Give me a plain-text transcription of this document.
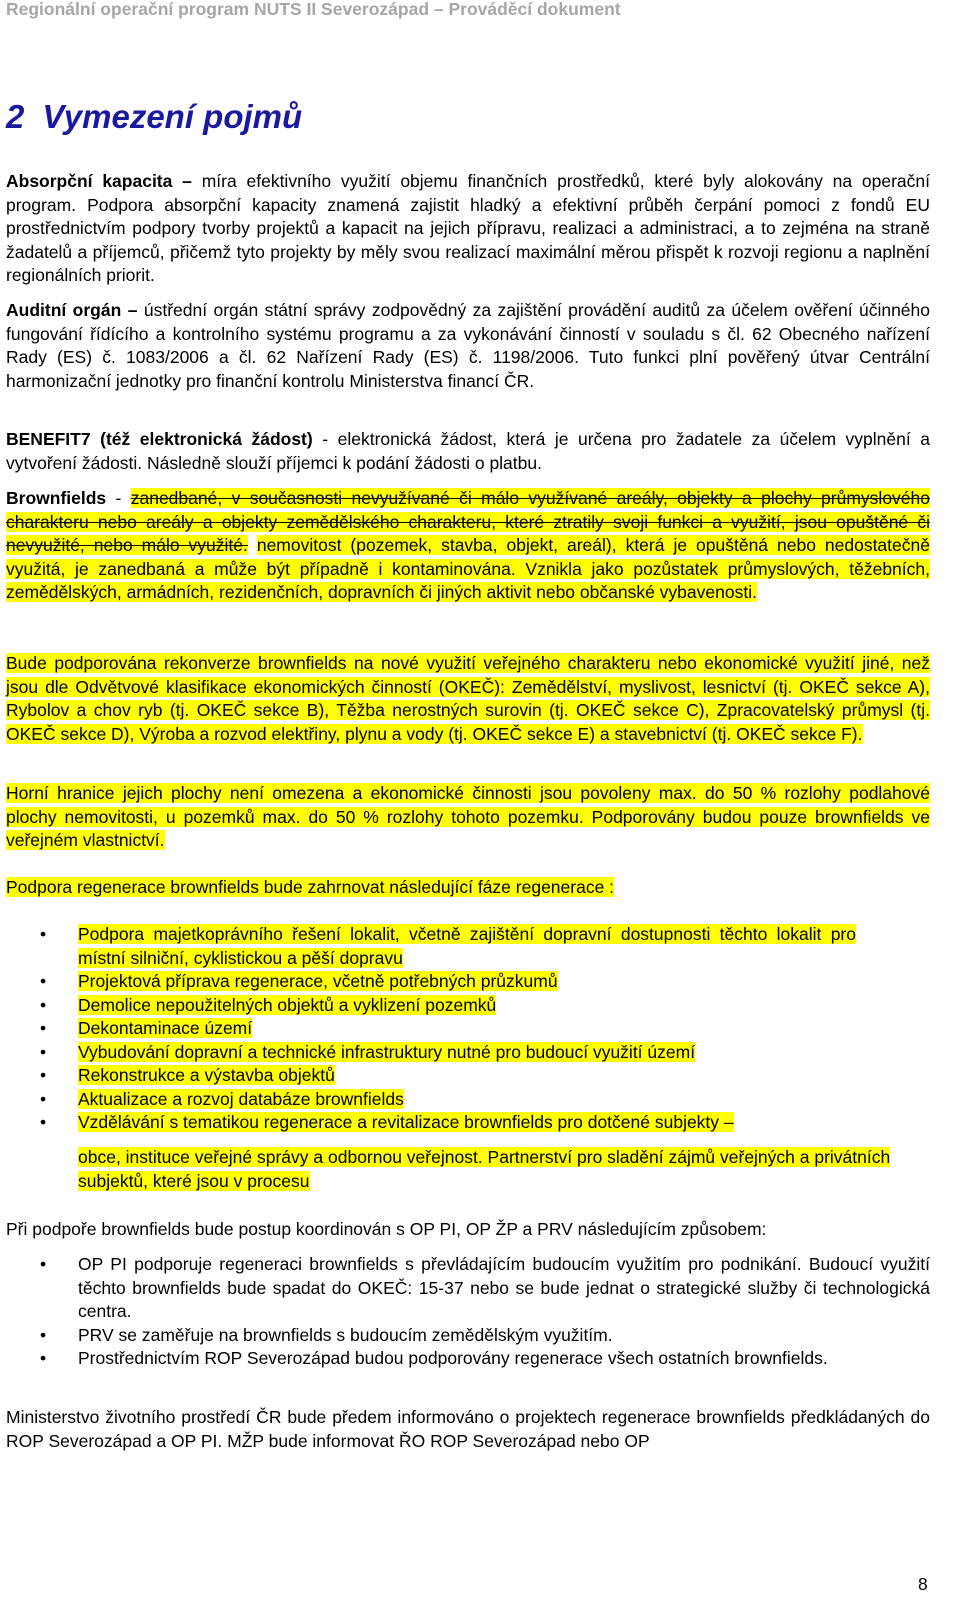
Regionální operační program NUTS II Severozápad – Prováděcí dokument
2 Vymezení pojmů

Absorpční kapacita – míra efektivního využití objemu finančních prostředků, které byly alokovány na operační program. Podpora absorpční kapacity znamená zajistit hladký a efektivní průběh čerpání pomoci z fondů EU prostřednictvím podpory tvorby projektů a kapacit na jejich přípravu, realizaci a administraci, a to zejména na straně žadatelů a příjemců, přičemž tyto projekty by měly svou realizací maximální měrou přispět k rozvoji regionu a naplnění regionálních priorit.

Auditní orgán – ústřední orgán státní správy zodpovědný za zajištění provádění auditů za účelem ověření účinného fungování řídícího a kontrolního systému programu a za vykonávání činností v souladu s čl. 62 Obecného nařízení Rady (ES) č. 1083/2006 a čl. 62 Nařízení Rady (ES) č. 1198/2006. Tuto funkci plní pověřený útvar Centrální harmonizační jednotky pro finanční kontrolu Ministerstva financí ČR.

BENEFIT7 (též elektronická žádost) - elektronická žádost, která je určena pro žadatele za účelem vyplnění a vytvoření žádosti. Následně slouží příjemci k podání žádosti o platbu.

Brownfields - zanedbané, v současnosti nevyužívané či málo využívané areály, objekty a plochy průmyslového charakteru nebo areály a objekty zemědělského charakteru, které ztratily svoji funkci a využití, jsou opuštěné či nevyužité, nebo málo využité. nemovitost (pozemek, stavba, objekt, areál), která je opuštěná nebo nedostatečně využitá, je zanedbaná a může být případně i kontaminována. Vznikla jako pozůstatek průmyslových, těžebních, zemědělských, armádních, rezidenčních, dopravních či jiných aktivit nebo občanské vybavenosti.

Bude podporována rekonverze brownfields na nové využití veřejného charakteru nebo ekonomické využití jiné, než jsou dle Odvětvové klasifikace ekonomických činností (OKEČ): Zemědělství, myslivost, lesnictví (tj. OKEČ sekce A), Rybolov a chov ryb (tj. OKEČ sekce B), Těžba nerostných surovin (tj. OKEČ sekce C), Zpracovatelský průmysl (tj. OKEČ sekce D), Výroba a rozvod elektřiny, plynu a vody (tj. OKEČ sekce E) a stavebnictví (tj. OKEČ sekce F).

Horní hranice jejich plochy není omezena a ekonomické činnosti jsou povoleny max. do 50 % rozlohy podlahové plochy nemovitosti, u pozemků max. do 50 % rozlohy tohoto pozemku. Podporovány budou pouze brownfields ve veřejném vlastnictví.

Podpora regenerace brownfields bude zahrnovat následující fáze regenerace :

• Podpora majetkoprávního řešení lokalit, včetně zajištění dopravní dostupnosti těchto lokalit pro místní silniční, cyklistickou a pěší dopravu
• Projektová příprava regenerace, včetně potřebných průzkumů
• Demolice nepoužitelných objektů a vyklizení pozemků
• Dekontaminace území
• Vybudování dopravní a technické infrastruktury nutné pro budoucí využití území
• Rekonstrukce a výstavba objektů
• Aktualizace a rozvoj databáze brownfields
• Vzdělávání s tematikou regenerace a revitalizace brownfields pro dotčené subjekty –

obce, instituce veřejné správy a odbornou veřejnost. Partnerství pro sladění zájmů veřejných a privátních subjektů, které jsou v procesu

Při podpoře brownfields bude postup koordinován s OP PI, OP ŽP a PRV následujícím způsobem:

• OP PI podporuje regeneraci brownfields s převládajícím budoucím využitím pro podnikání. Budoucí využití těchto brownfields bude spadat do OKEČ: 15-37 nebo se bude jednat o strategické služby či technologická centra.
• PRV se zaměřuje na brownfields s budoucím zemědělským využitím.
• Prostřednictvím ROP Severozápad budou podporovány regenerace všech ostatních brownfields.

Ministerstvo životního prostředí ČR bude předem informováno o projektech regenerace brownfields předkládaných do ROP Severozápad a OP PI. MŽP bude informovat ŘO ROP Severozápad nebo OP

8
